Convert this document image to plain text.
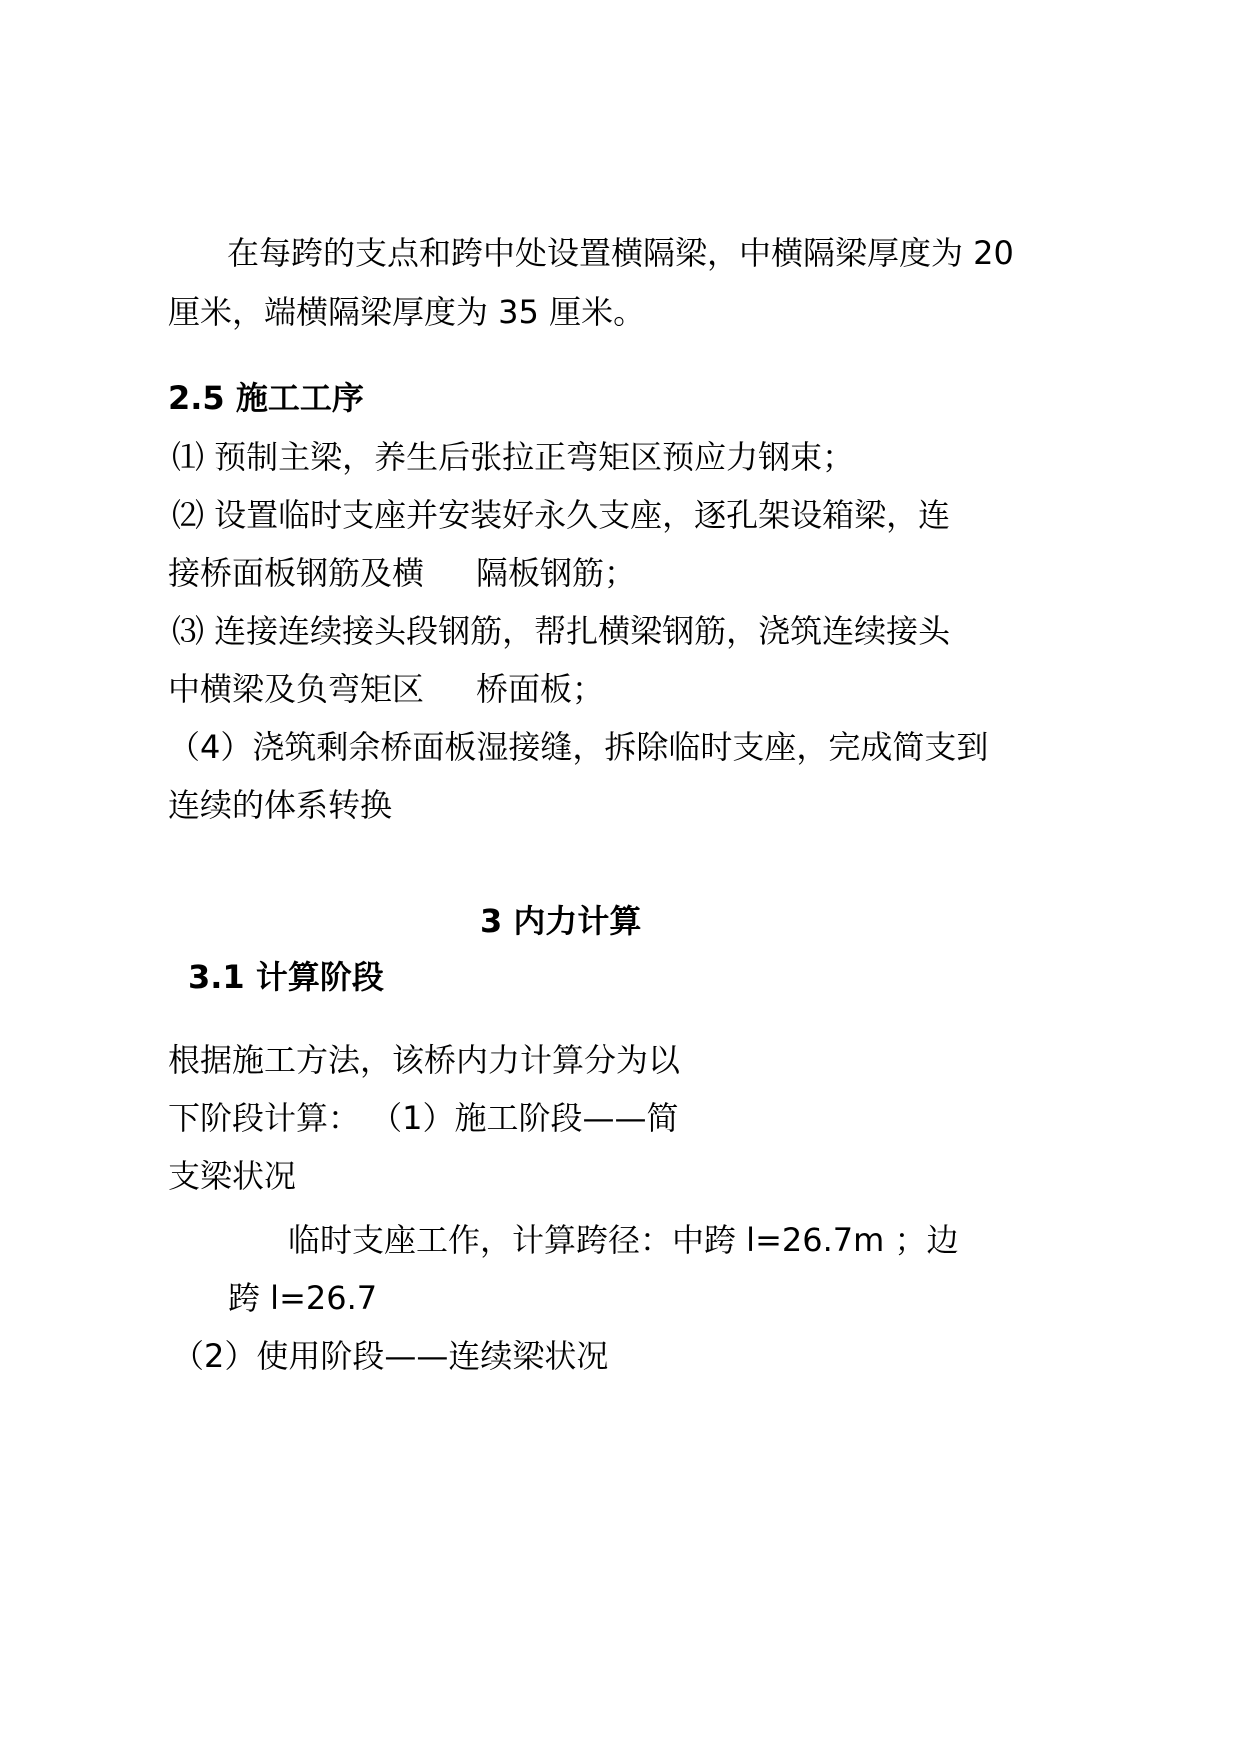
在每跨的支点和跨中处设置横隔梁，中横隔梁厚度为 20
厘米，端横隔梁厚度为 35 厘米。
2.5 施工工序
⑴ 预制主梁，养生后张拉正弯矩区预应力钢束；
⑵ 设置临时支座并安装好永久支座，逐孔架设箱梁，连
接桥面板钢筋及横 隔板钢筋；
⑶ 连接连续接头段钢筋，帮扎横梁钢筋，浇筑连续接头
中横梁及负弯矩区 桥面板；
（4）浇筑剩余桥面板湿接缝，拆除临时支座，完成简支到
连续的体系转换
3 内力计算
3.1 计算阶段
根据施工方法，该桥内力计算分为以
下阶段计算： （1）施工阶段——简
支梁状况
临时支座工作，计算跨径：中跨 l=26.7m ；边
跨 l=26.7
（2）使用阶段——连续梁状况
